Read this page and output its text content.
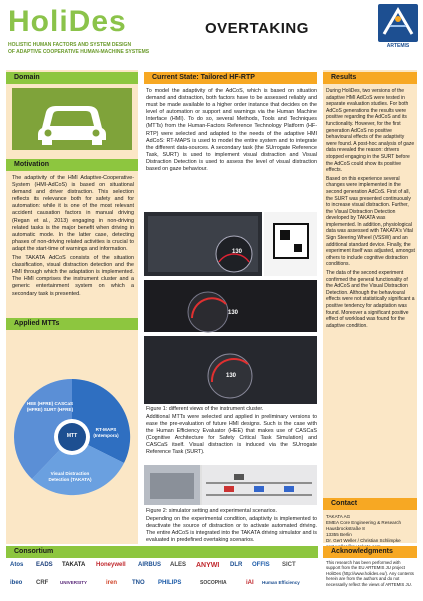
HoliDes
HOLISTIC HUMAN FACTORS AND SYSTEM DESIGN
OF ADAPTIVE COOPERATIVE HUMAN-MACHINE SYSTEMS
OVERTAKING
ARTEMIS
Domain
Motivation

The adaptivity of the HMI Adaptive-Cooperative-System (HMI-AdCoS) is based on situational demand and driver distraction. This selection reflects its relevance both for safety and for automation: while it is one of the most relevant accident causation factors in manual driving (Regan et al., 2013) engaging in non-driving related tasks is the major benefit when driving in automatic mode. In the latter case, detecting phases of non-driving related activities is crucial to adapt the start-time of warnings and information.

The TAKATA AdCoS consists of the situation classification, visual distraction detection and the HMI through which the adaptation is implemented. The HMI comprises the instrument cluster and a generic entertainment system on which a secondary task is presented.

Applied MTTs
HEE (HFRE) CASCaS (HFRE) SURT (HFRE)
RT-MAPS (Intempora)
Visual Distraction Detection (TAKATA)
MTT
Current State: Tailored HF-RTP
To model the adaptivity of the AdCoS, which is based on situation demand and distraction, both factors have to be assessed reliably and must be made available to a higher order instance that decides on the level of automation or support and warnings via the Human Machine Interface (HMI). To do so, several Methods, Tools and Techniques (MTTs) from the Human-Factors Reference Technology Platform (HF-RTP) were selected and adapted to the needs of the adaptive HMI AdCoS: RT-MAPS is used to model the entire system and to integrate the different data-sources. A secondary task (the SUrrogate Reference Task, SURT) is used to implement visual distraction and Visual Distraction Detection is used to assess the level of visual distraction based on gaze behaviour.
130
130
130
Figure 1: different views of the instrument cluster.
Additional MTTs were selected and applied in preliminary versions to ease the pre-evaluation of future HMI designs. Such is the case with the Human Efficiency Evaluator (HEE) that makes use of CASCaS (Cognitive Architecture for Safety Critical Task Simulation) and CASCaS itself. Visual distraction is induced via the SUrrogate Reference Task (SURT).
Figure 2: simulator setting and experimental scenarios.
Depending on the experimental condition, adaptivity is implemented to deactivate the source of distraction or to activate automated driving. The entire AdCoS is integrated into the TAKATA driving simulator and is evaluated in predefined overtaking scenarios.
Results

During HoliDes, two versions of the adaptive HMI AdCoS were tested in separate evaluation studies. For both AdCoS generations the results were positive regarding the AdCoS and its functionality. However, for the first generation AdCoS no positive behavioural effects of the adaptivity were found. A post-hoc analysis of gaze data revealed the reason: drivers stopped engaging in the SURT before the AdCoS could show its positive effects.

Based on this experience several changes were implemented in the second generation AdCoS. First of all, the SURT was presented continuously to increase visual distraction. Further, the Visual Distraction Detection developed by TAKATA was implemented. In addition, physiological data was assessed with TAKATA's Vital Sign Steering Wheel (VSSW) and an additional standard device. Finally, the experiment itself was adjusted, amongst others to include cognitive distraction conditions.

The data of the second experiment confirmed the general functionality of the AdCoS and the Visual Distraction Detection. Although the behavioural effects were not statistically significant a positive tendency for adaptation was found. Moreover a significant positive effect of workload was found for the adaptive condition.

Contact
TAKATA AG
EMEA Core Engineering & Research
Hausbrockstraße 8
13355 Berlin
Dr. Gert Weller / Christian Schlimpke
Consortium
Atos EADS TAKATA Honeywell AIRBUS ALES ANYWI DLR OFFIS SICT
ibeo CRF	UNIVERSITY	iren TNO PHILIPS	SOCOPHIA	iAI Human Efficiency
Acknowledgments
This research has been performed with support from the EU ARTEMIS JU project HoliDes (http://www.holides.eu/). Any contents herein are from the authors and do not necessarily reflect the views of ARTEMIS JU.
